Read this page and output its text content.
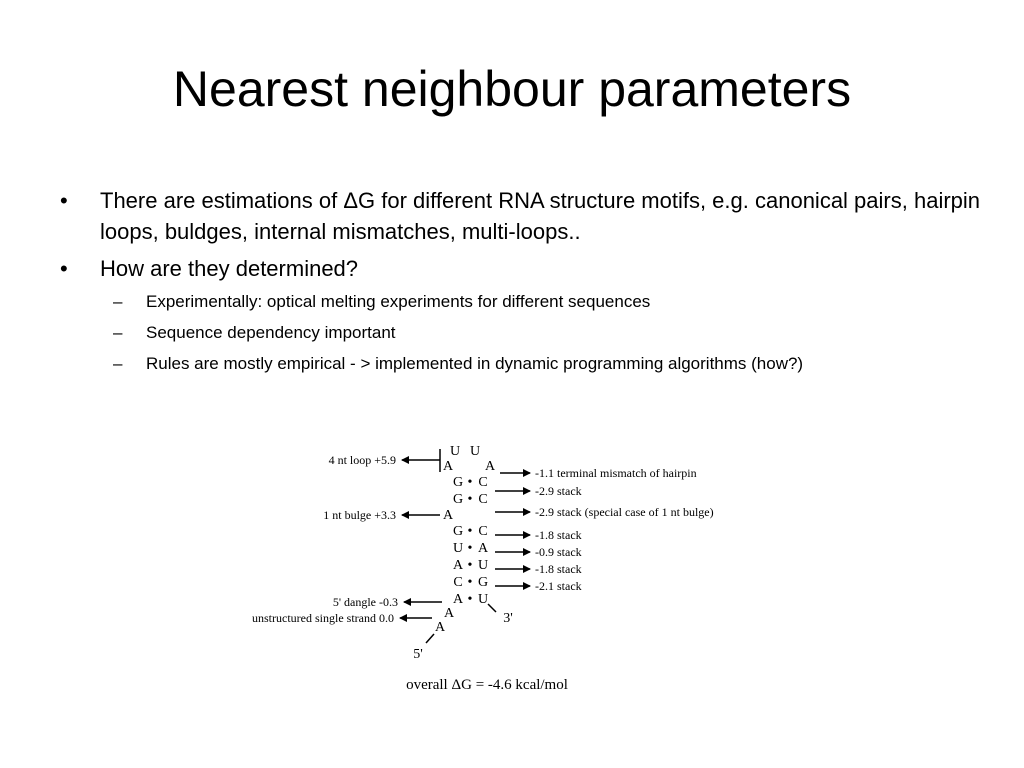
Nearest neighbour parameters
• There are estimations of ΔG for different RNA structure motifs, e.g. canonical pairs, hairpin loops, buldges, internal mismatches, multi-loops..
• How are they determined?
– Experimentally: optical melting experiments for different sequences
– Sequence dependency important
– Rules are mostly empirical - > implemented in dynamic programming algorithms (how?)
U U
A A
G • C
G • C
A
G • C
U • A
A • U
C • G
A • U
A
A
5'
3'
4 nt loop +5.9
1 nt bulge +3.3
5' dangle -0.3
unstructured single strand 0.0
-1.1 terminal mismatch of hairpin
-2.9 stack
-2.9 stack (special case of 1 nt bulge)
-1.8 stack
-0.9 stack
-1.8 stack
-2.1 stack
overall ΔG = -4.6 kcal/mol
